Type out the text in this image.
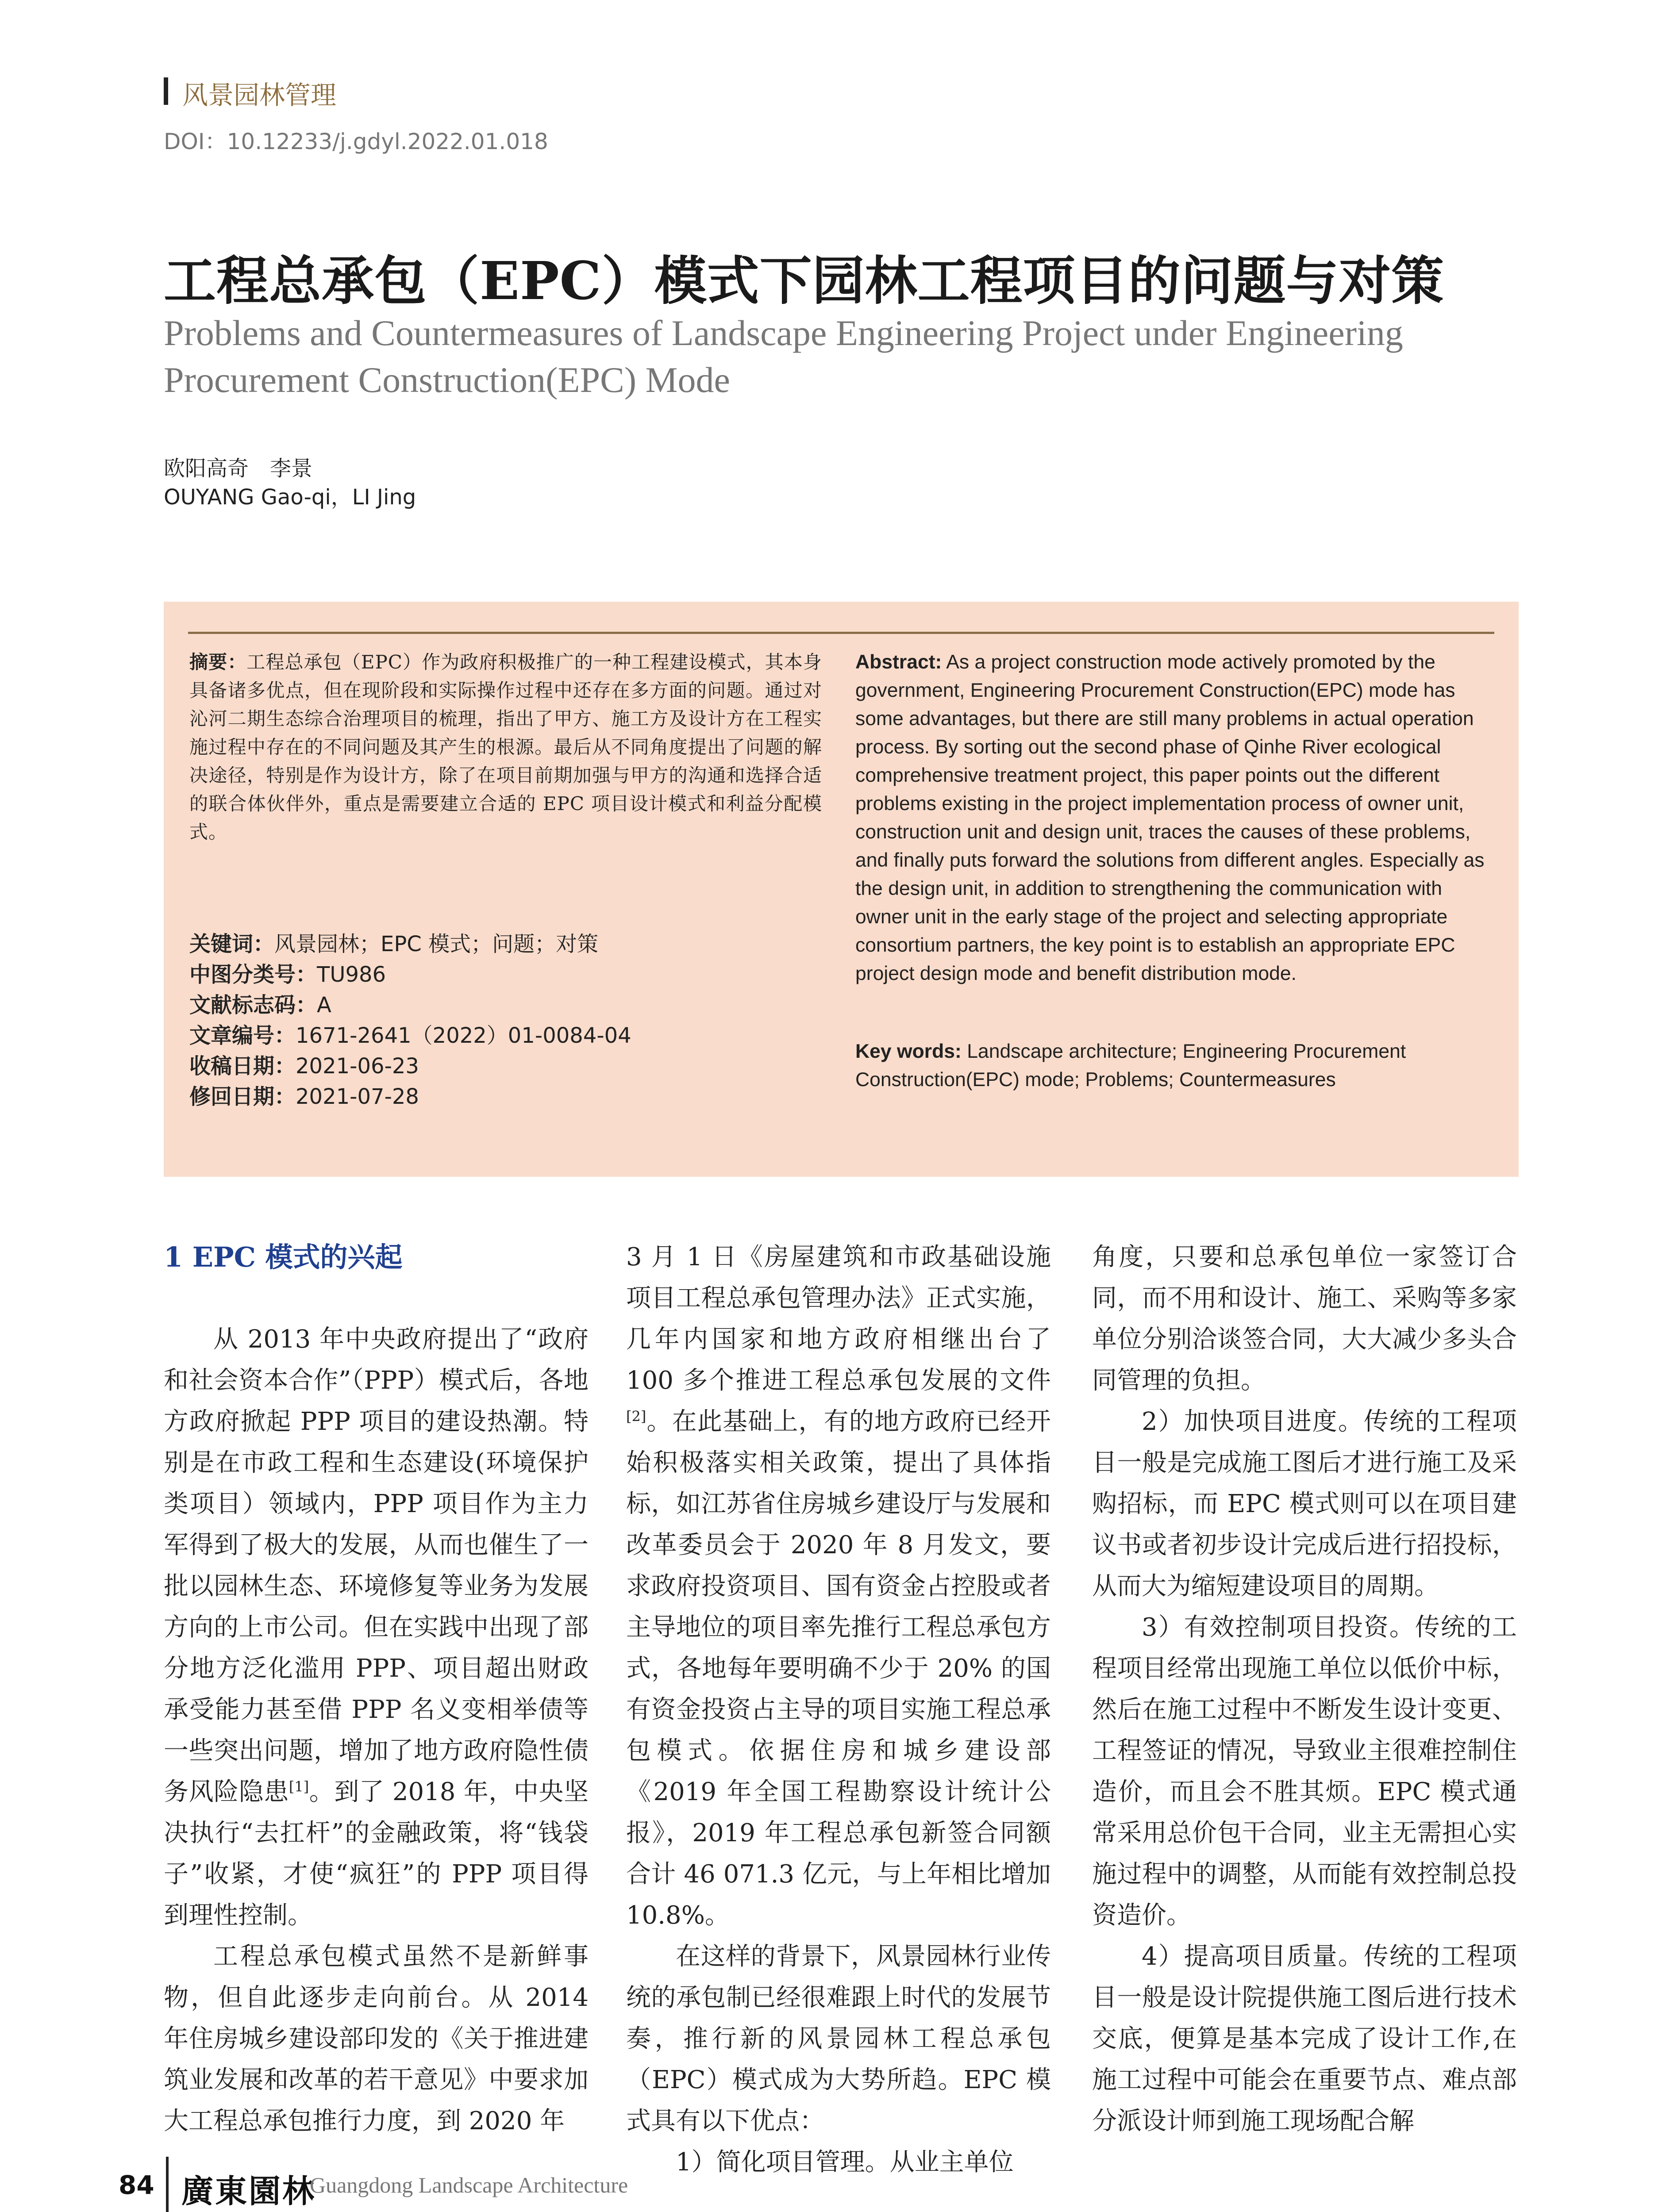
风景园林管理
DOI：10.12233/j.gdyl.2022.01.018
工程总承包（EPC）模式下园林工程项目的问题与对策
Problems and Countermeasures of Landscape Engineering Project under Engineering Procurement Construction(EPC) Mode
欧阳高奇　李景
OUYANG Gao-qi，LI Jing
摘要：工程总承包（EPC）作为政府积极推广的一种工程建设模式，其本身具备诸多优点，但在现阶段和实际操作过程中还存在多方面的问题。通过对沁河二期生态综合治理项目的梳理，指出了甲方、施工方及设计方在工程实施过程中存在的不同问题及其产生的根源。最后从不同角度提出了问题的解决途径，特别是作为设计方，除了在项目前期加强与甲方的沟通和选择合适的联合体伙伴外，重点是需要建立合适的 EPC 项目设计模式和利益分配模式。
关键词：风景园林；EPC 模式；问题；对策
中图分类号：TU986
文献标志码：A
文章编号：1671-2641（2022）01-0084-04
收稿日期：2021-06-23
修回日期：2021-07-28
Abstract: As a project construction mode actively promoted by the government, Engineering Procurement Construction(EPC) mode has some advantages, but there are still many problems in actual operation process. By sorting out the second phase of Qinhe River ecological comprehensive treatment project, this paper points out the different problems existing in the project implementation process of owner unit, construction unit and design unit, traces the causes of these problems, and finally puts forward the solutions from different angles. Especially as the design unit, in addition to strengthening the communication with owner unit in the early stage of the project and selecting appropriate consortium partners, the key point is to establish an appropriate EPC project design mode and benefit distribution mode.
Key words: Landscape architecture; Engineering Procurement Construction(EPC) mode; Problems; Countermeasures

1 EPC 模式的兴起

从 2013 年中央政府提出了“政府和社会资本合作”（PPP）模式后，各地方政府掀起 PPP 项目的建设热潮。特别是在市政工程和生态建设(环境保护类项目）领域内，PPP 项目作为主力军得到了极大的发展，从而也催生了一批以园林生态、环境修复等业务为发展方向的上市公司。但在实践中出现了部分地方泛化滥用 PPP、项目超出财政承受能力甚至借 PPP 名义变相举债等一些突出问题，增加了地方政府隐性债务风险隐患[1]。到了 2018 年，中央坚决执行“去扛杆”的金融政策，将“钱袋子”收紧，才使“疯狂”的 PPP 项目得到理性控制。

工程总承包模式虽然不是新鲜事物，但自此逐步走向前台。从 2014 年住房城乡建设部印发的《关于推进建筑业发展和改革的若干意见》中要求加大工程总承包推行力度，到 2020 年

3 月 1 日《房屋建筑和市政基础设施项目工程总承包管理办法》正式实施，几年内国家和地方政府相继出台了 100 多个推进工程总承包发展的文件[2]。在此基础上，有的地方政府已经开始积极落实相关政策，提出了具体指标，如江苏省住房城乡建设厅与发展和改革委员会于 2020 年 8 月发文，要求政府投资项目、国有资金占控股或者主导地位的项目率先推行工程总承包方式，各地每年要明确不少于 20% 的国有资金投资占主导的项目实施工程总承包模式。依据住房和城乡建设部《2019 年全国工程勘察设计统计公报》，2019 年工程总承包新签合同额合计 46 071.3 亿元，与上年相比增加 10.8%。

在这样的背景下，风景园林行业传统的承包制已经很难跟上时代的发展节奏，推行新的风景园林工程总承包（EPC）模式成为大势所趋。EPC 模式具有以下优点：

1）简化项目管理。从业主单位

角度，只要和总承包单位一家签订合同，而不用和设计、施工、采购等多家单位分别洽谈签合同，大大减少多头合同管理的负担。

2）加快项目进度。传统的工程项目一般是完成施工图后才进行施工及采购招标，而 EPC 模式则可以在项目建议书或者初步设计完成后进行招投标，从而大为缩短建设项目的周期。

3）有效控制项目投资。传统的工程项目经常出现施工单位以低价中标，然后在施工过程中不断发生设计变更、工程签证的情况，导致业主很难控制住造价，而且会不胜其烦。EPC 模式通常采用总价包干合同，业主无需担心实施过程中的调整，从而能有效控制总投资造价。

4）提高项目质量。传统的工程项目一般是设计院提供施工图后进行技术交底，便算是基本完成了设计工作,在施工过程中可能会在重要节点、难点部分派设计师到施工现场配合解

84 廣東園林
Guangdong Landscape Architecture
